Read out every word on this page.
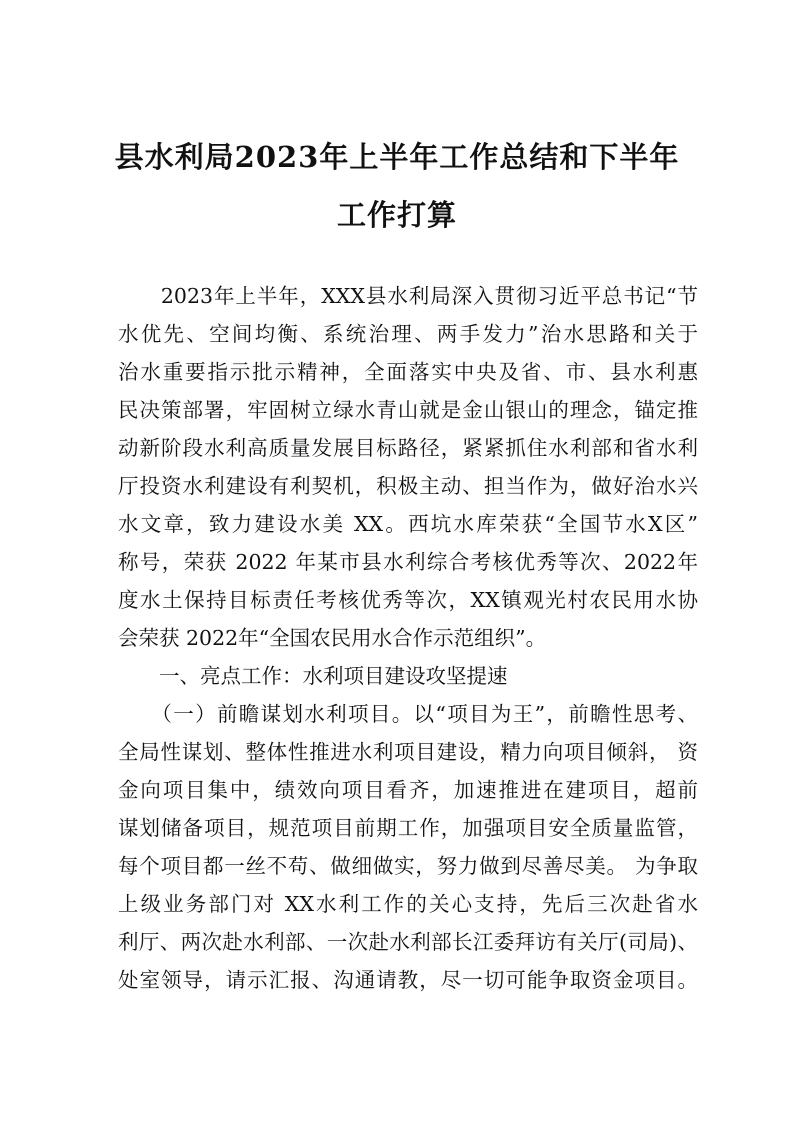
县水利局2023年上半年工作总结和下半年
工作打算
　　2023年上半年，XXX县水利局深入贯彻习近平总书记“节
水优先、空间均衡、系统治理、两手发力”治水思路和关于
治水重要指示批示精神，全面落实中央及省、市、县水利惠
民决策部署，牢固树立绿水青山就是金山银山的理念，锚定推
动新阶段水利高质量发展目标路径，紧紧抓住水利部和省水利
厅投资水利建设有利契机，积极主动、担当作为，做好治水兴
水文章，致力建设水美 XX。西坑水库荣获“全国节水X区”
称号，荣获 2022 年某市县水利综合考核优秀等次、2022年
度水土保持目标责任考核优秀等次，XX镇观光村农民用水协
会荣获 2022年“全国农民用水合作示范组织”。
　　一、亮点工作：水利项目建设攻坚提速
　　（一）前瞻谋划水利项目。以“项目为王”，前瞻性思考、
全局性谋划、整体性推进水利项目建设，精力向项目倾斜， 资
金向项目集中，绩效向项目看齐，加速推进在建项目，超前
谋划储备项目，规范项目前期工作，加强项目安全质量监管，
每个项目都一丝不苟、做细做实，努力做到尽善尽美。 为争取
上级业务部门对 XX水利工作的关心支持，先后三次赴省水
利厅、两次赴水利部、一次赴水利部长江委拜访有关厅(司局)、
处室领导，请示汇报、沟通请教，尽一切可能争取资金项目。
